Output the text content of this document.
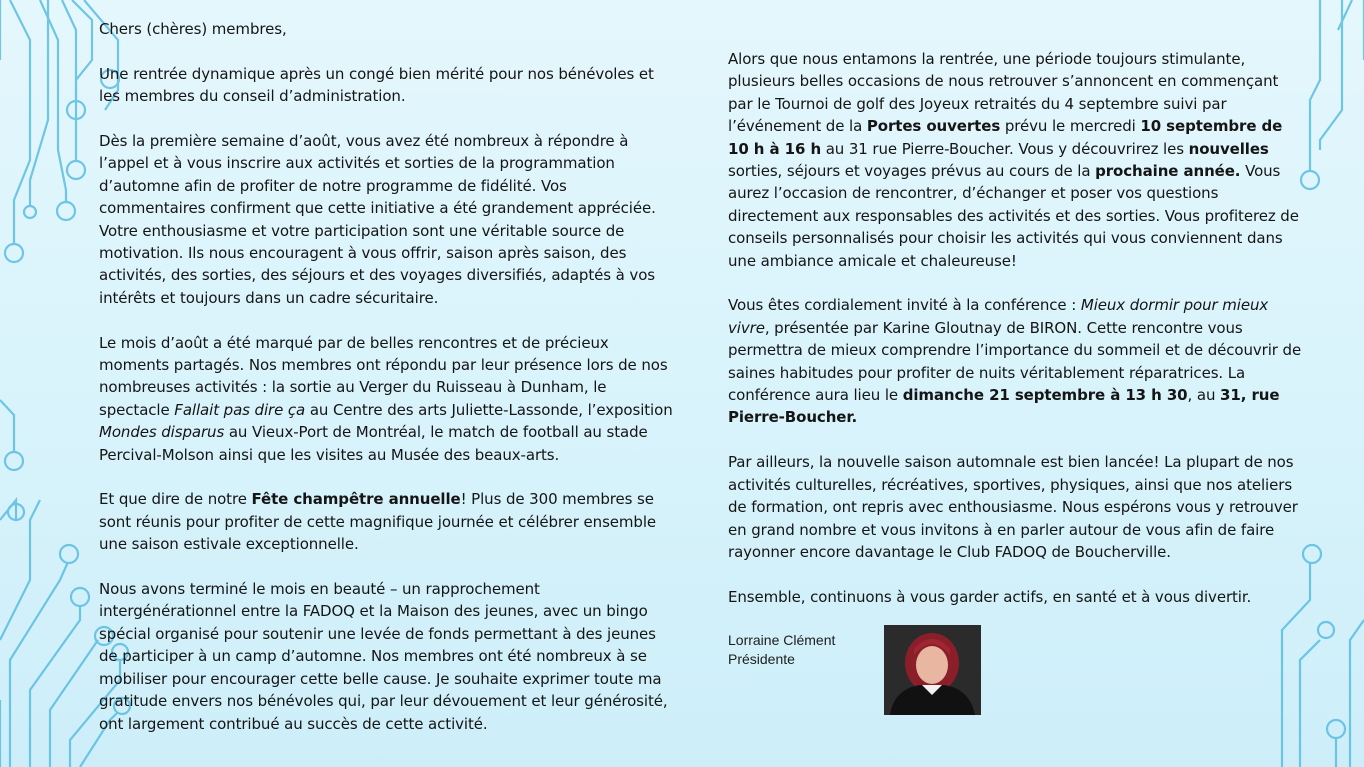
Chers (chères) membres,

Une rentrée dynamique après un congé bien mérité pour nos bénévoles et les membres du conseil d’administration.

Dès la première semaine d’août, vous avez été nombreux à répondre à l’appel et à vous inscrire aux activités et sorties de la programmation d’automne afin de profiter de notre programme de fidélité. Vos commentaires confirment que cette initiative a été grandement appréciée. Votre enthousiasme et votre participation sont une véritable source de motivation. Ils nous encouragent à vous offrir, saison après saison, des activités, des sorties, des séjours et des voyages diversifiés, adaptés à vos intérêts et toujours dans un cadre sécuritaire.

Le mois d’août a été marqué par de belles rencontres et de précieux moments partagés. Nos membres ont répondu par leur présence lors de nos nombreuses activités : la sortie au Verger du Ruisseau à Dunham, le spectacle Fallait pas dire ça au Centre des arts Juliette-Lassonde, l’exposition Mondes disparus au Vieux-Port de Montréal, le match de football au stade Percival-Molson ainsi que les visites au Musée des beaux-arts.

Et que dire de notre Fête champêtre annuelle! Plus de 300 membres se sont réunis pour profiter de cette magnifique journée et célébrer ensemble une saison estivale exceptionnelle.

Nous avons terminé le mois en beauté – un rapprochement intergénérationnel entre la FADOQ et la Maison des jeunes, avec un bingo spécial organisé pour soutenir une levée de fonds permettant à des jeunes de participer à un camp d’automne. Nos membres ont été nombreux à se mobiliser pour encourager cette belle cause. Je souhaite exprimer toute ma gratitude envers nos bénévoles qui, par leur dévouement et leur générosité, ont largement contribué au succès de cette activité.

Alors que nous entamons la rentrée, une période toujours stimulante, plusieurs belles occasions de nous retrouver s’annoncent en commençant par le Tournoi de golf des Joyeux retraités du 4 septembre suivi par l’événement de la Portes ouvertes prévu le mercredi 10 septembre de 10 h à 16 h au 31 rue Pierre-Boucher. Vous y découvrirez les nouvelles sorties, séjours et voyages prévus au cours de la prochaine année. Vous aurez l’occasion de rencontrer, d’échanger et poser vos questions directement aux responsables des activités et des sorties. Vous profiterez de conseils personnalisés pour choisir les activités qui vous conviennent dans une ambiance amicale et chaleureuse!

Vous êtes cordialement invité à la conférence : Mieux dormir pour mieux vivre, présentée par Karine Gloutnay de BIRON. Cette rencontre vous permettra de mieux comprendre l’importance du sommeil et de découvrir de saines habitudes pour profiter de nuits véritablement réparatrices. La conférence aura lieu le dimanche 21 septembre à 13 h 30, au 31, rue Pierre-Boucher.

Par ailleurs, la nouvelle saison automnale est bien lancée! La plupart de nos activités culturelles, récréatives, sportives, physiques, ainsi que nos ateliers de formation, ont repris avec enthousiasme. Nous espérons vous y retrouver en grand nombre et vous invitons à en parler autour de vous afin de faire rayonner encore davantage le Club FADOQ de Boucherville.

Ensemble, continuons à vous garder actifs, en santé et à vous divertir.

Lorraine Clément
Présidente
